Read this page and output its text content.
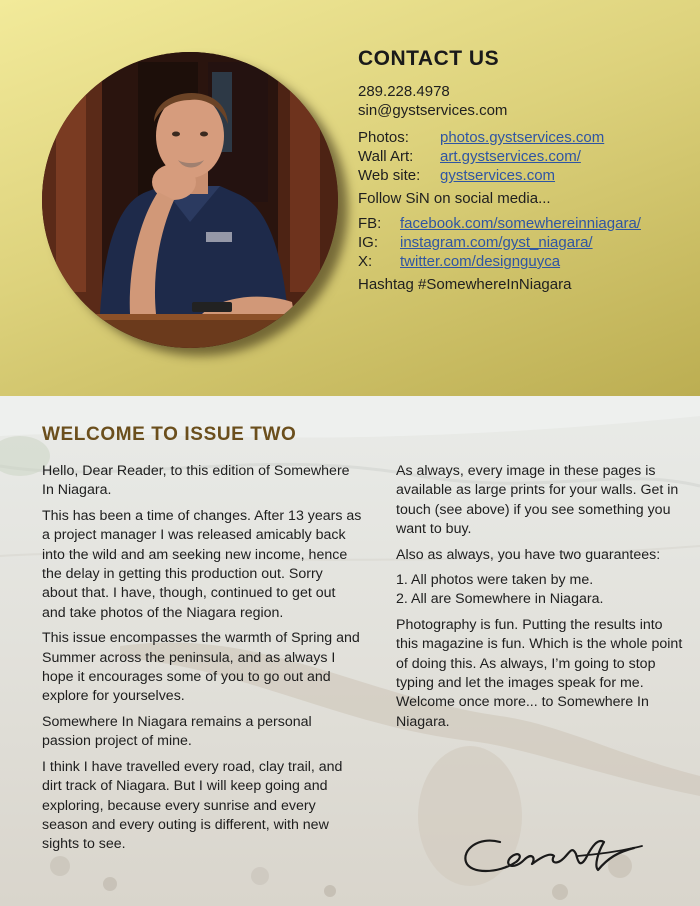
CONTACT US
289.228.4978
sin@gystservices.com
Photos:	photos.gystservices.com
Wall Art:	art.gystservices.com/
Web site:	gystservices.com
Follow SiN on social media...
FB:	facebook.com/somewhereinniagara/
IG:	instagram.com/gyst_niagara/
X:	twitter.com/designguyca
Hashtag #SomewhereInNiagara
WELCOME TO ISSUE TWO

Hello, Dear Reader, to this edition of Somewhere In Niagara.

This has been a time of changes. After 13 years as a project manager I was released amicably back into the wild and am seeking new income, hence the delay in getting this production out. Sorry about that. I have, though, continued to get out and take photos of the Niagara region.

This issue encompasses the warmth of Spring and Summer across the peninsula, and as always I hope it encourages some of you to go out and explore for yourselves.

Somewhere In Niagara remains a personal passion project of mine.

I think I have travelled every road, clay trail, and dirt track of Niagara. But I will keep going and exploring, because every sunrise and every season and every outing is different, with new sights to see.

As always, every image in these pages is available as large prints for your walls. Get in touch (see above) if you see something you want to buy.

Also as always, you have two guarantees:

1. All photos were taken by me.

2. All are Somewhere in Niagara.

Photography is fun. Putting the results into this magazine is fun. Which is the whole point of doing this. As always, I’m going to stop typing and let the images speak for me. Welcome once more... to Somewhere In Niagara.
